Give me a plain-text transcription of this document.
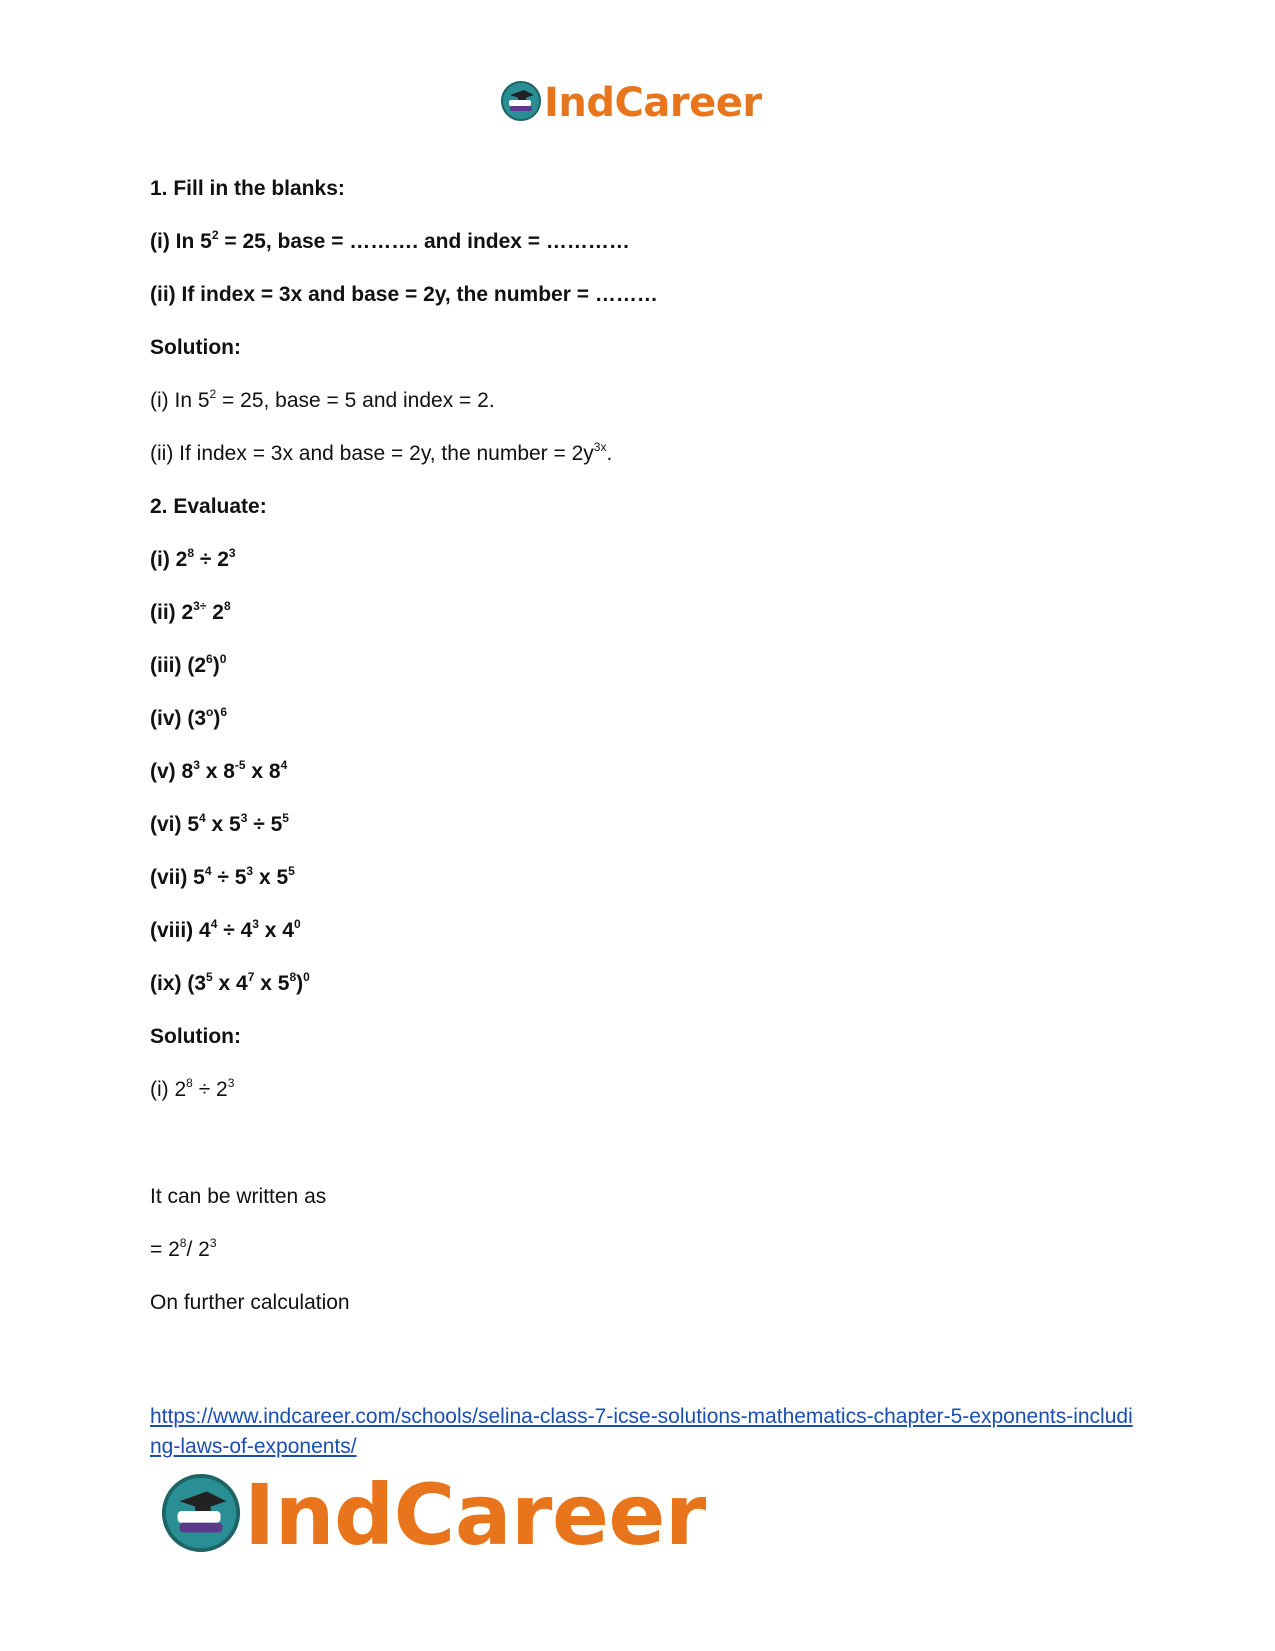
IndCareer
1. Fill in the blanks:
(i) In $5^2 = 25$, base = ………. and index = …………
(ii) If index = 3x and base = 2y, the number = ………
Solution:
(i) In $5^2 = 25$, base = 5 and index = 2.
(ii) If index = 3x and base = 2y, the number = $2y^{3x}$.
2. Evaluate:
(i) $2^8 \div 2^3$
(ii) $2^{3\div}$ $2^8$
(iii) $(2^6)^0$
(iv) $(3^o)^6$
(v) $8^3$ x $8^{-5}$ x $8^4$
(vi) $5^4$ x $5^3 \div 5^5$
(vii) $5^4 \div 5^3$ x $5^5$
(viii) $4^4 \div 4^3$ x $4^0$
(ix) ($3^5$ x $4^7$ x $5^8)^0$
Solution:
(i) $2^8 \div 2^3$
It can be written as
= $2^8/$ $2^3$
On further calculation
https://www.indcareer.com/schools/selina-class-7-icse-solutions-mathematics-chapter-5-exponents-including-laws-of-exponents/
IndCareer
